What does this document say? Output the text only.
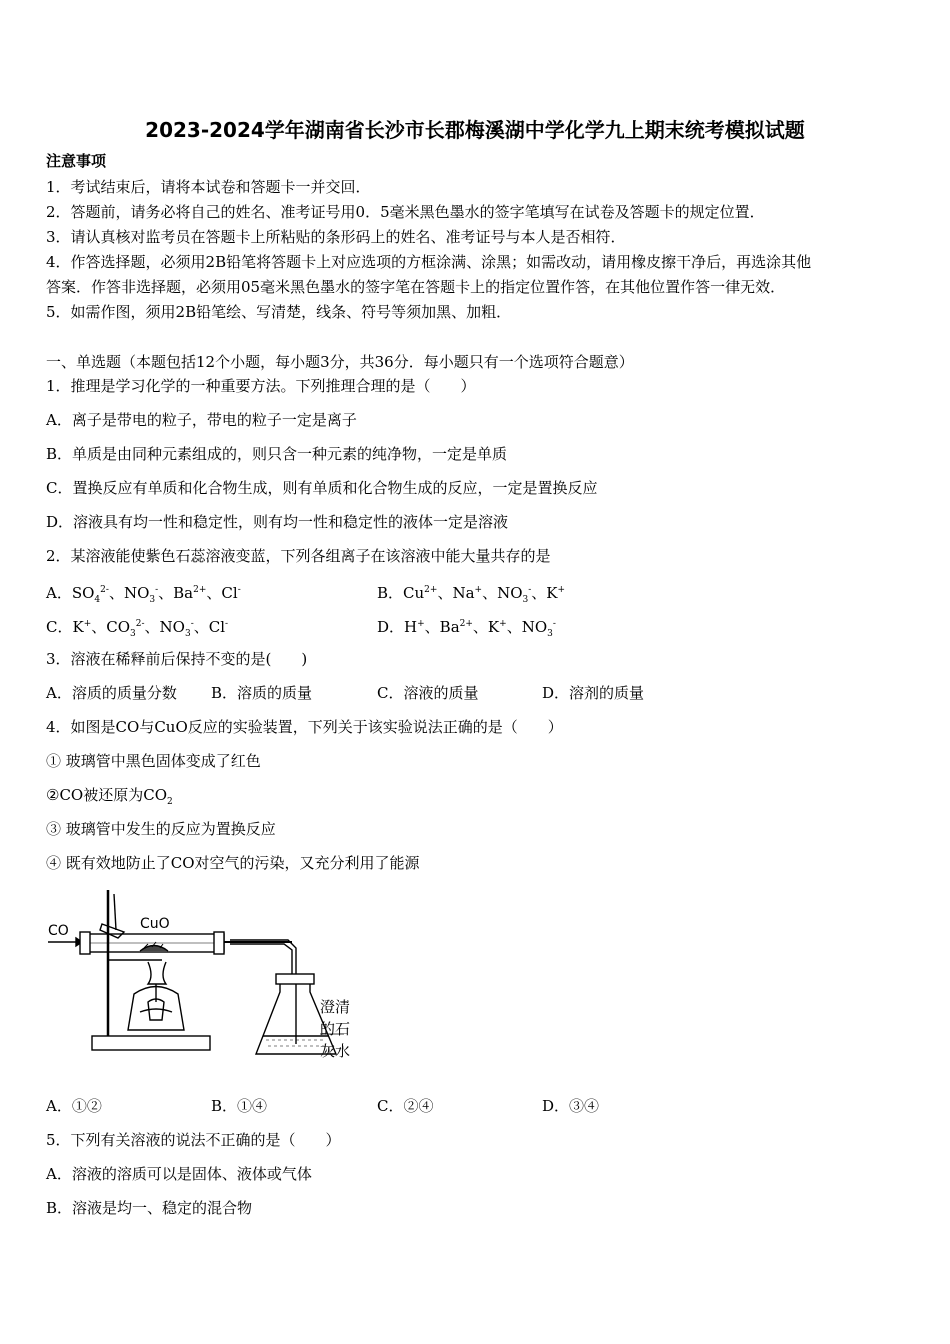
2023-2024学年湖南省长沙市长郡梅溪湖中学化学九上期末统考模拟试题
注意事项
1．考试结束后，请将本试卷和答题卡一并交回．
2．答题前，请务必将自己的姓名、准考证号用0．5毫米黑色墨水的签字笔填写在试卷及答题卡的规定位置．
3．请认真核对监考员在答题卡上所粘贴的条形码上的姓名、准考证号与本人是否相符．
4．作答选择题，必须用2B铅笔将答题卡上对应选项的方框涂满、涂黑；如需改动，请用橡皮擦干净后，再选涂其他
答案．作答非选择题，必须用05毫米黑色墨水的签字笔在答题卡上的指定位置作答，在其他位置作答一律无效．
5．如需作图，须用2B铅笔绘、写清楚，线条、符号等须加黑、加粗．
一、单选题（本题包括12个小题，每小题3分，共36分．每小题只有一个选项符合题意）
1．推理是学习化学的一种重要方法。下列推理合理的是（　　）
A．离子是带电的粒子，带电的粒子一定是离子
B．单质是由同种元素组成的，则只含一种元素的纯净物，一定是单质
C．置换反应有单质和化合物生成，则有单质和化合物生成的反应，一定是置换反应
D．溶液具有均一性和稳定性，则有均一性和稳定性的液体一定是溶液
2．某溶液能使紫色石蕊溶液变蓝，下列各组离子在该溶液中能大量共存的是
A．$SO_4^{2-}$、$NO_3^-$、$Ba^{2+}$、Cl-	B．$Cu^{2+}$、Na+、$NO_3^-$、K+
C．K+、$CO_3^{2-}$、$NO_3^-$、Cl-	D．H+、$Ba^{2+}$、K+、$NO_3^-$
3．溶液在稀释前后保持不变的是(　　)
A．溶质的质量分数 B．溶质的质量	C．溶液的质量	D．溶剂的质量
4．如图是CO与CuO反应的实验装置，下列关于该实验说法正确的是（　　）
① 玻璃管中黑色固体变成了红色
②CO被还原为$CO_2$
③ 玻璃管中发生的反应为置换反应
④ 既有效地防止了CO对空气的污染，又充分利用了能源
CO	CuO
澄清
的石
灰水
A．①②	B．①④	C．②④	D．③④
5．下列有关溶液的说法不正确的是（　　）
A．溶液的溶质可以是固体、液体或气体
B．溶液是均一、稳定的混合物
